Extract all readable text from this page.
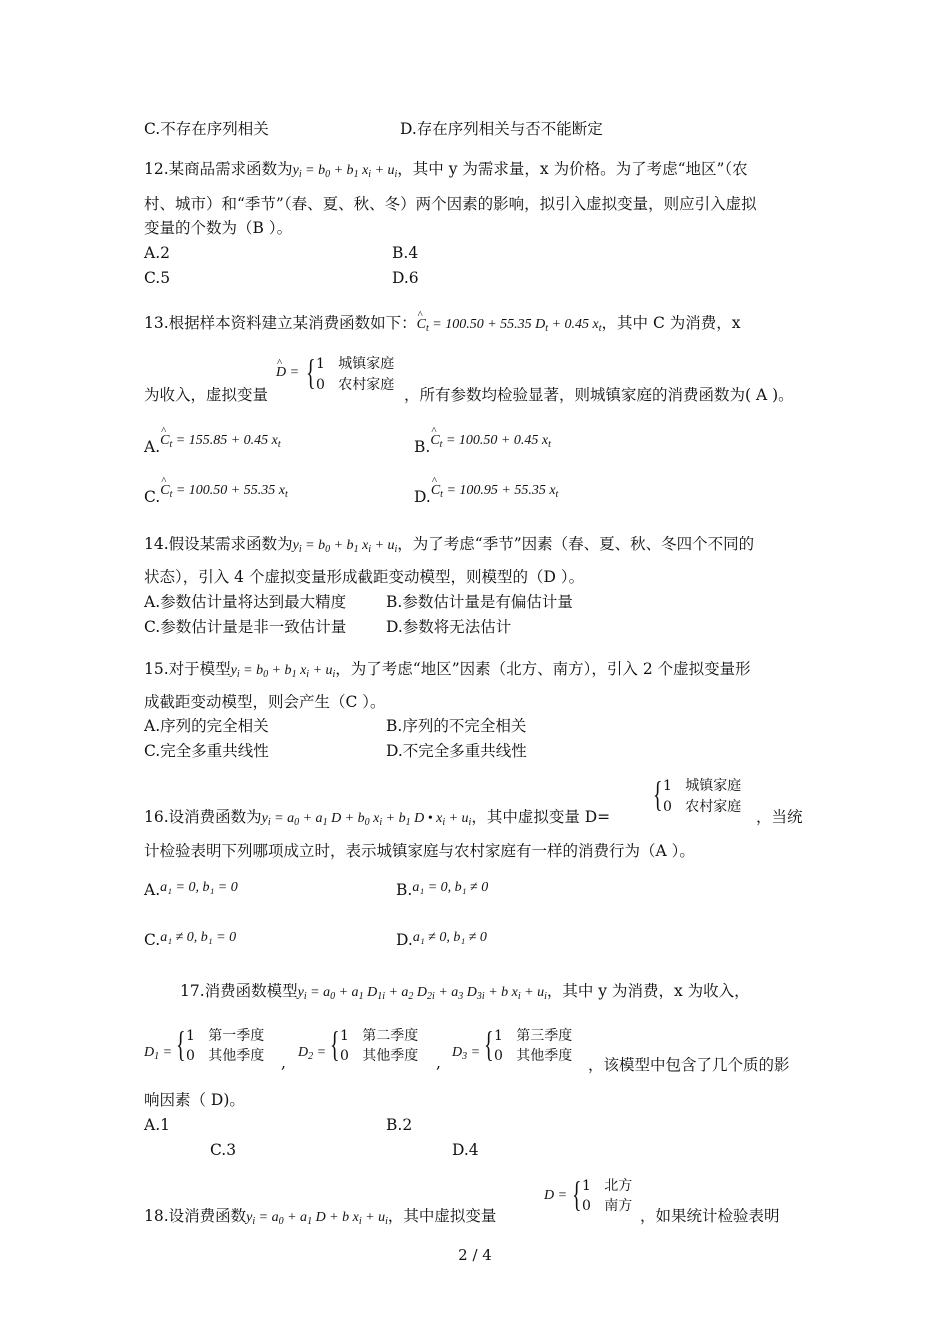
C.不存在序列相关	D.存在序列相关与否不能断定
12.某商品需求函数为$y_i = b_0 + b_1$ $x_i + u_i$，其中 y 为需求量，x 为价格。为了考虑“地区”（农
村、城市）和“季节”（春、夏、秋、冬）两个因素的影响，拟引入虚拟变量，则应引入虚拟
变量的个数为（B ）。
A.2	B.4
C.5	D.6
13.根据样本资料建立某消费函数如下：^ $C_t = 100.50 + 55.35$ $D_t + 0.45$ $x_t$，其中 C 为消费，x
为收入，虚拟变量
^ D = { 1   城镇家庭
0   农村家庭
，所有参数均检验显著，则城镇家庭的消费函数为( A )。
A.^ $C_t = 155.85 + 0.45$ $x_t$	B.^ $C_t = 100.50 + 0.45$ $x_t$
C.^ $C_t = 100.50 + 55.35$ $x_t$	D.^ $C_t = 100.95 + 55.35$ $x_t$
14.假设某需求函数为$y_i = b_0 + b_1$ $x_i + u_i$，为了考虑“季节”因素（春、夏、秋、冬四个不同的
状态），引入 4 个虚拟变量形成截距变动模型，则模型的（D ）。
A.参数估计量将达到最大精度	B.参数估计量是有偏估计量
C.参数估计量是非一致估计量	D.参数将无法估计
15.对于模型$y_i = b_0 + b_1$ $x_i + u_i$，为了考虑“地区”因素（北方、南方），引入 2 个虚拟变量形
成截距变动模型，则会产生（C ）。
A.序列的完全相关	B.序列的不完全相关
C.完全多重共线性	D.不完全多重共线性
16.设消费函数为$y_i = a_0 + a_1$ $D + b_0$ $x_i + b_1$ D • $x_i + u_i$，其中虚拟变量 D=
{ 1   城镇家庭
0   农村家庭
，当统
计检验表明下列哪项成立时，表示城镇家庭与农村家庭有一样的消费行为（A ）。
A.a₁ = 0, b₁ = 0	B.a₁ = 0, b₁ ≠ 0
C.a₁ ≠ 0, b₁ = 0	D.a₁ ≠ 0, b₁ ≠ 0
17.消费函数模型$y_i = a_0 + a_1$ $D_{1i} + a_2$ $D_{2i} + a_3$ $D_{3i} + b$ $x_i + u_i$，其中 y 为消费，x 为收入，
$D_1$ = { 1   第一季度
0   其他季度 ,
$D_2$ = { 1   第二季度
0   其他季度 ,
$D_3$ = { 1   第三季度
0   其他季度 ，该模型中包含了几个质的影
响因素（ D)。
A.1	B.2
C.3	D.4
18.设消费函数$y_i = a_0 + a_1$ D + b $x_i + u_i$，其中虚拟变量
D = { 1   北方
0   南方
，如果统计检验表明
2 / 4
